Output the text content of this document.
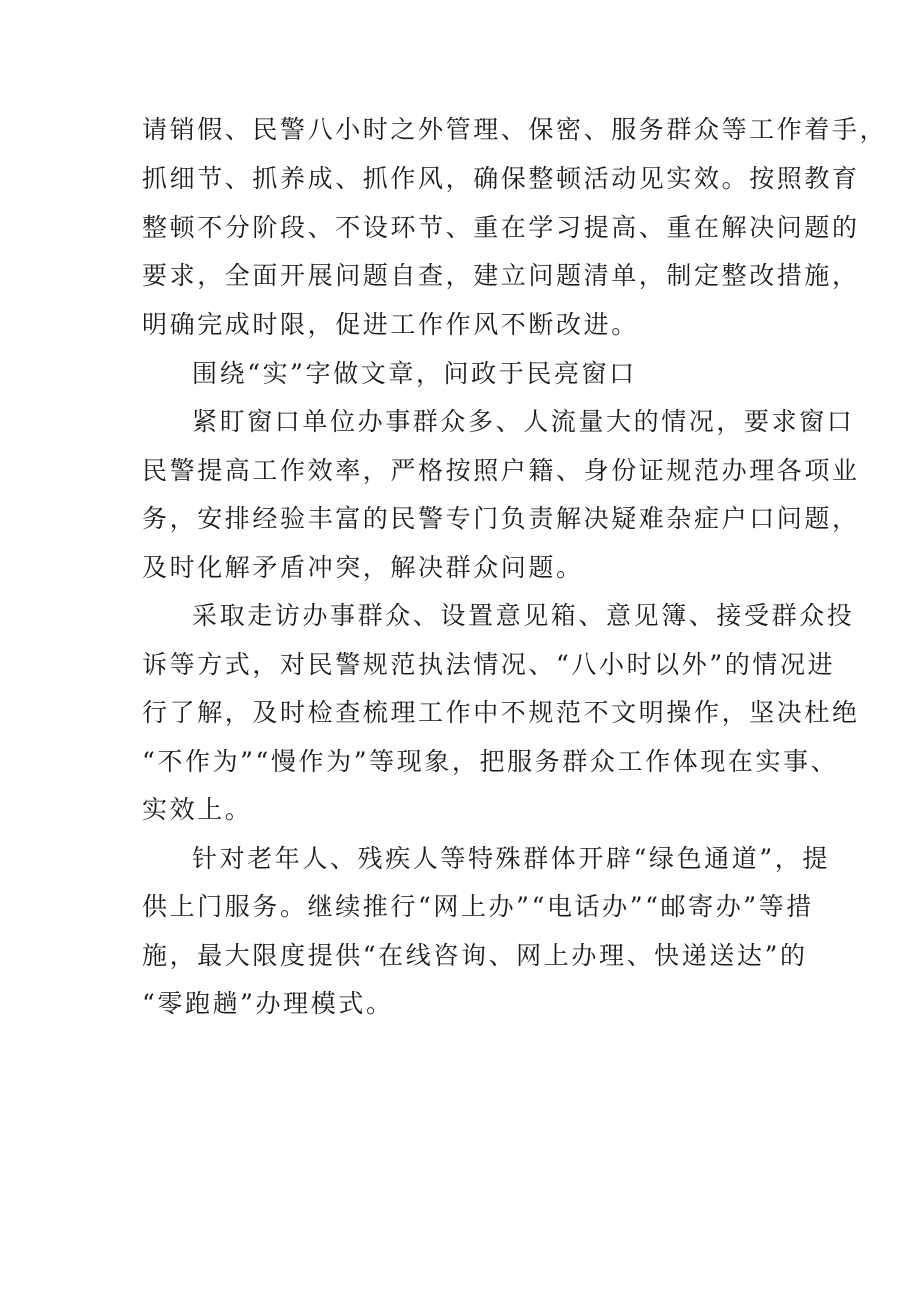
请销假、民警八小时之外管理、保密、服务群众等工作着手，
抓细节、抓养成、抓作风，确保整顿活动见实效。按照教育
整顿不分阶段、不设环节、重在学习提高、重在解决问题的
要求，全面开展问题自查，建立问题清单，制定整改措施，
明确完成时限，促进工作作风不断改进。
围绕“实”字做文章，问政于民亮窗口
紧盯窗口单位办事群众多、人流量大的情况，要求窗口
民警提高工作效率，严格按照户籍、身份证规范办理各项业
务，安排经验丰富的民警专门负责解决疑难杂症户口问题，
及时化解矛盾冲突，解决群众问题。
采取走访办事群众、设置意见箱、意见簿、接受群众投
诉等方式，对民警规范执法情况、“八小时以外”的情况进
行了解，及时检查梳理工作中不规范不文明操作，坚决杜绝
“不作为”“慢作为”等现象，把服务群众工作体现在实事、
实效上。
针对老年人、残疾人等特殊群体开辟“绿色通道”，提
供上门服务。继续推行“网上办”“电话办”“邮寄办”等措
施，最大限度提供“在线咨询、网上办理、快递送达”的
“零跑趟”办理模式。
